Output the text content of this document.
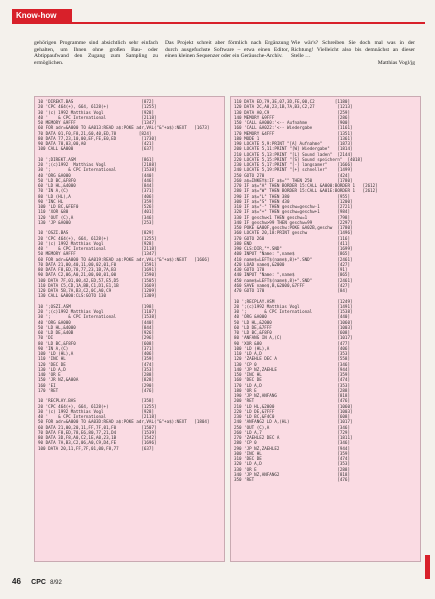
Know-how
gehörigen Programme sind absichtlich sehr einfach gehalten, um Ihnen ohne großen Bau- oder Abtippaufwand den Zugang zum Sampling zu ermöglichen.
Das Projekt schreit aber förmlich nach Ergänzung durch ausgefuchste Software – etwa einen Editor, einen kleinen Sequenzer oder ein Geräusche-Archiv.
Wie wär's? Schreiben Sie doch mal was in der Richtung! Vielleicht also bis demnächst an dieser Stelle …
Matthias Vogl/jg
10 'DIREKT.BAS                           [872]
20 'CPC 464(+), 664, 6128(+)             [1255]
30 '(c) 1992 Matthias Vogl               [928]
40 '    & CPC International              [2118]
50 MEMORY &9FFF                          [1347]
60 FOR adr=&A000 TO &A013:READ a$:POKE adr,VAL("&"+a$):NEXT   [1673]
70 DATA 01,F0,F8,21,60,40,ED,78         [824]
80 DATA 77,23,10,00,EF,FE,E0,ED          [1730]
90 DATA 78,03,00,A0                      [421]
100 CALL &A000                           [637]

10 ';DIREKT.ASM                          [861]
20 ';(c)1992  Matthias Vogl              [2188]
30 ';       & CPC International          [1538]
40 'ORG &A000                            [440]
50 'LD BC,&F8F0                          [446]
60 'LD HL,&4000                          [844]
70 'IN A,(C)                             [371]
80 'LD (HL),A                            [406]
90 'INC HL                               [359]
100 'LD BC,&FEF0                         [526]
110 'XOR &80                             [401]
120 'OUT (C),A                           [346]
130 'JP &A000                            [253]

10 'OSZI.BAS                             [829]
20 'CPC 464(+), 664, 6128(+)             [1255]
30 '(c) 1992 Matthias Vogl               [928]
40 '    & CPC International              [2118]
50 MEMORY &9FFF                          [1347]
60 FOR adr=&A000 TO &A019:READ a$:POKE adr,VAL("&"+a$):NEXT   [1666]
70 DATA 21,00,40,11,00,02,01,F0          [1591]
80 DATA F8,ED,78,77,23,1B,7A,B3          [1691]
90 DATA C2,06,A0,21,00,00,01,00          [1590]
100 DATA 7F,01,00,42,ED,57,E5,D5         [1505]
110 DATA C5,CD,1A,BB,C1,D1,E1,1B         [1669]
120 DATA 5B,7A,B3,C2,0C,A0,C9            [1209]
130 CALL &A000:CLS:GOTO 130              [1309]

10 ';OSZI.ASM                            [198]
20 ';(c)1992 Matthias Vogl               [1107]
30 ';       & CPC International          [1538]
40 'ORG &A000                            [440]
50 'LD HL,&4000                          [844]
60 'LD DE,&40B                           [926]
70 'DI                                   [296]
80 'LD BC,&F8F0                          [608]
90 'IN A,(C)                             [371]
100 'LD (HL),A                           [406]
110 'INC HL                              [359]
120 'DEC DE                              [474]
130 'LD A,D                              [353]
140 'OR E                                [288]
150 'JR NZ,&A00A                         [828]
160 'EI                                  [290]
170 'RET                                 [476]

10 'RECPLAY.BAS                          [358]
20 'CPC 464(+), 664, 6128(+)             [1255]
30 '(c) 1992 Matthias Vogl               [928]
40 '    & CPC International              [2118]
50 FOR adr=&A000 TO &A03D:READ a$:POKE adr,VAL("&"+a$):NEXT   [1804]
60 DATA 21,00,20,11,FF,7F,01,F0          [1507]
70 DATA F8,ED,78,E6,80,77,21,D4          [1539]
80 DATA 3D,F8,A0,C2,1E,A0,23,1B          [1542]
90 DATA 7A,B3,C2,06,A0,C9,D4,FE          [1696]
100 DATA 20,11,FF,7F,01,00,F8,77         [637]
110 DATA ED,79,3E,07,3D,FE,00,C2        [1180]
120 DATA 2C,A0,23,1B,7A,B3,C2,27         [1213]
130 DATA A0,C9                           [259]
140 MEMORY &9FFF                         [286]
150 'CALL &A000:'<-- Aufnahme            [900]
160 'CALL &A022:'<-- Wiedergabe          [1161]
170 MEMORY &4FFF                         [1351]
180 MODE 1                               [1361]
190 LOCATE 5,9:PRINT "[A] Aufnahme"      [1873]
200 LOCATE 5,11:PRINT "[W] Wiedergabe"   [1814]
210 LOCATE 5,13:PRINT "[L] Sound laden"  [2144]
220 LOCATE 5,15:PRINT "[S] Sound speichern"  [4018]
230 LOCATE 5,17:PRINT "[-] langsamer"    [1666]
240 LOCATE 5,19:PRINT "[+] schneller"    [1499]
250 GOTO 270                             [424]
260 a$=INKEY$:IF a$="" THEN 250          [1780]
270 IF a$="A" THEN BORDER 15:CALL &A000:BORDER 1   [2612]
280 IF a$="W" THEN BORDER 15:CALL &A01E:BORDER 1   [2612]
290 IF a$="L" THEN 380                   [955]
300 IF a$="S" THEN 430                   [1200]
310 IF a$="-" THEN geschw=geschw-1       [2721]
320 IF a$="+" THEN geschw=geschw+1       [984]
330 IF geschw<1 THEN geschw=1            [798]
340 IF geschw>99 THEN geschw=99          [2297]
350 POKE &A00F,geschw:POKE &A02B,geschw  [1780]
360 LOCATE 20,18:PRINT geschw            [1496]
370 GOTO 260                             [116]
380 END                                  [411]
390 CLS:DIR,"*.SND"                      [1699]
400 INPUT "Name: ",name$                 [865]
410 name$=LEFT$(name$,8)+".SND"          [2461]
420 LOAD name$,&2000                     [427]
430 GOTO 170                             [91]
440 INPUT "Name: ",name$                 [865]
450 name$=LEFT$(name$,8)+".SND"          [2461]
460 SAVE name$,B,&2000,&7FFF             [427]
470 GOTO 170                             [84]

10 ';RECPLAY.ASM                         [1249]
20 ';(c)1992 Matthias Vogl               [1491]
30 ';       & CPC International          [1538]
40 'ORG &A000                            [440]
50 'LD HL,&2000                          [1060]
60 'LD DE,&7FFF                          [1003]
70 'LD BC,&F8F0                          [608]
80 'ANFANG IN A,(C)                      [1017]
90 'XOR &80                              [477]
100 'LD (HL),A                           [406]
110 'LD A,D                              [353]
120 'ZAEHLE DEC A                        [558]
130 'CP 0                                [346]
140 'JP NZ,ZAEHLE                        [944]
150 'INC HL                              [359]
160 'DEC DE                              [474]
170 'LD A,D                              [353]
180 'OR E                                [288]
190 'JP NZ,ANFANG                        [818]
200 'RET                                 [476]
210 'LD HL,&2000                         [1060]
220 'LD DE,&7FFF                         [1003]
230 'LD BC,&F4C0                         [608]
240 'ANFANG2 LD A,(HL)                   [1017]
250 'OUT (C),A                           [346]
260 'LD A,7                              [729]
270 'ZAEHLE2 DEC A                       [1811]
280 'CP 0                                [346]
290 'JP NZ,ZAEHLE2                       [944]
300 'INC HL                              [359]
310 'DEC DE                              [474]
320 'LD A,D                              [353]
330 'OR E                                [288]
340 'JP NZ,ANFANG2                       [818]
350 'RET                                 [476]
46 CPC 8/92
